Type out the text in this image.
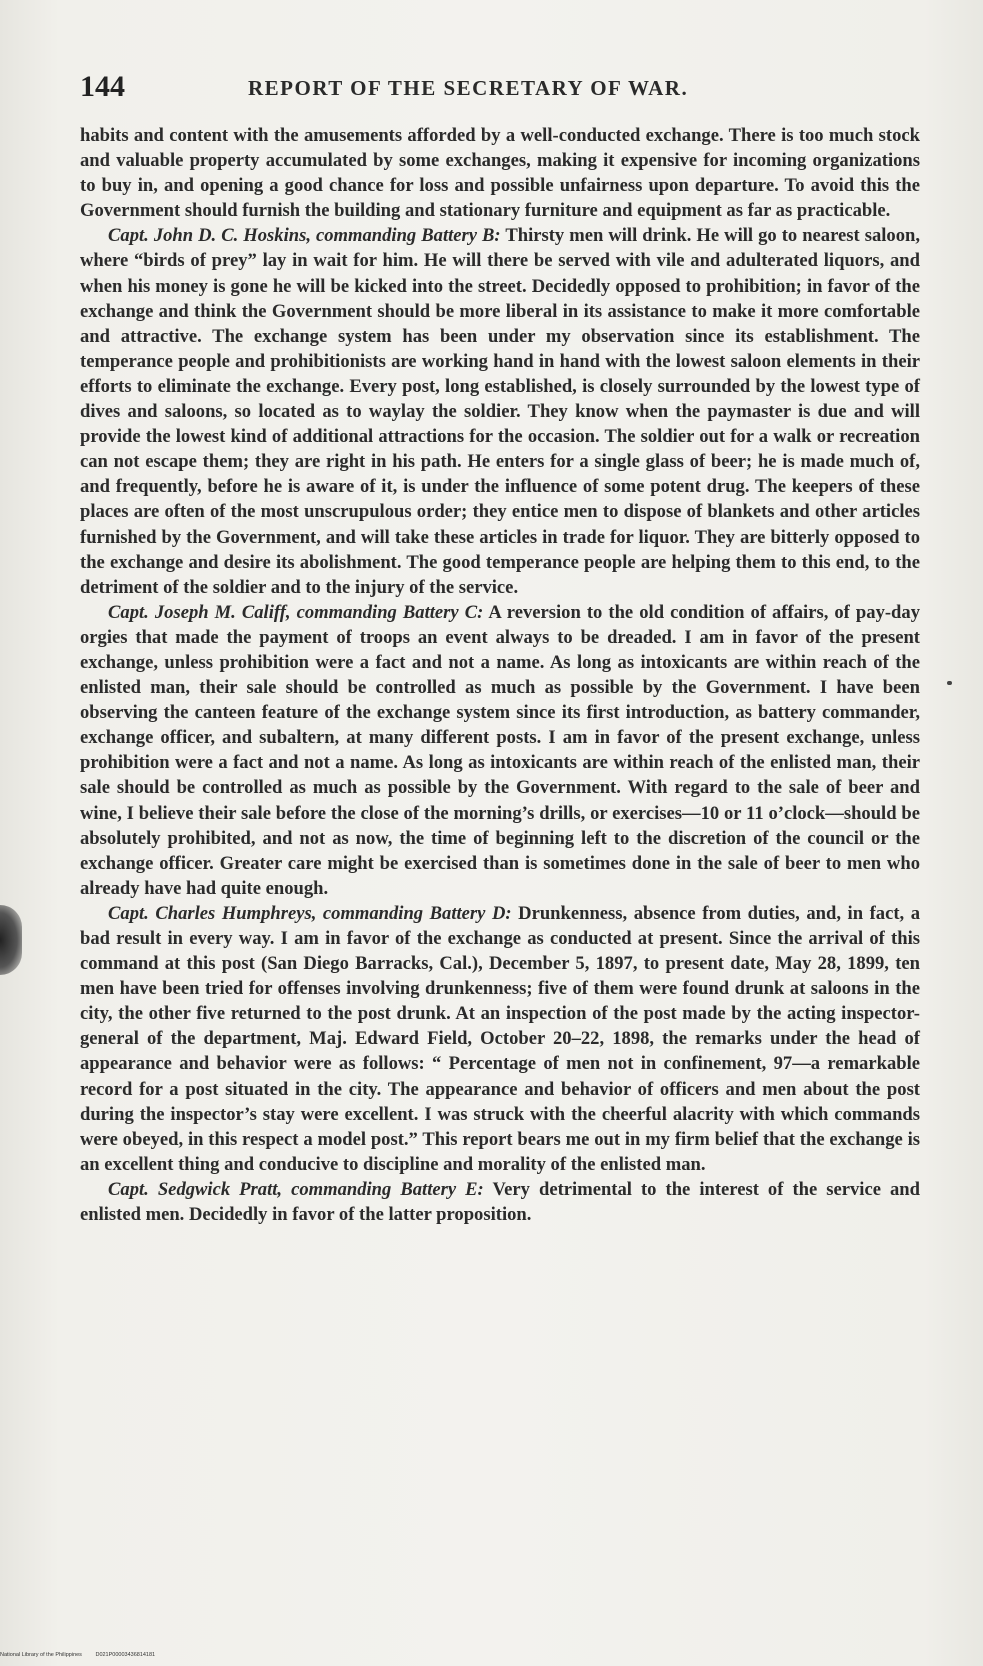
144	REPORT OF THE SECRETARY OF WAR.

habits and content with the amusements afforded by a well-conducted exchange. There is too much stock and valuable property accumulated by some exchanges, making it expensive for incoming organizations to buy in, and opening a good chance for loss and possible unfairness upon departure. To avoid this the Government should furnish the building and stationary furniture and equipment as far as practicable.

Capt. John D. C. Hoskins, commanding Battery B: Thirsty men will drink. He will go to nearest saloon, where “birds of prey” lay in wait for him. He will there be served with vile and adulterated liquors, and when his money is gone he will be kicked into the street. Decidedly opposed to prohibition; in favor of the exchange and think the Government should be more liberal in its assistance to make it more comfortable and attractive. The exchange system has been under my observation since its establishment. The temperance people and prohibitionists are working hand in hand with the lowest saloon elements in their efforts to eliminate the exchange. Every post, long established, is closely surrounded by the lowest type of dives and saloons, so located as to waylay the soldier. They know when the paymaster is due and will provide the lowest kind of additional attractions for the occasion. The soldier out for a walk or recreation can not escape them; they are right in his path. He enters for a single glass of beer; he is made much of, and frequently, before he is aware of it, is under the influence of some potent drug. The keepers of these places are often of the most unscrupulous order; they entice men to dispose of blankets and other articles furnished by the Government, and will take these articles in trade for liquor. They are bitterly opposed to the exchange and desire its abolishment. The good temperance people are helping them to this end, to the detriment of the soldier and to the injury of the service.

Capt. Joseph M. Califf, commanding Battery C: A reversion to the old condition of affairs, of pay-day orgies that made the payment of troops an event always to be dreaded. I am in favor of the present exchange, unless prohibition were a fact and not a name. As long as intoxicants are within reach of the enlisted man, their sale should be controlled as much as possible by the Government. I have been observing the canteen feature of the exchange system since its first introduction, as battery commander, exchange officer, and subaltern, at many different posts. I am in favor of the present exchange, unless prohibition were a fact and not a name. As long as intoxicants are within reach of the enlisted man, their sale should be controlled as much as possible by the Government. With regard to the sale of beer and wine, I believe their sale before the close of the morning’s drills, or exercises—10 or 11 o’clock—should be absolutely prohibited, and not as now, the time of beginning left to the discretion of the council or the exchange officer. Greater care might be exercised than is sometimes done in the sale of beer to men who already have had quite enough.

Capt. Charles Humphreys, commanding Battery D: Drunkenness, absence from duties, and, in fact, a bad result in every way. I am in favor of the exchange as conducted at present. Since the arrival of this command at this post (San Diego Barracks, Cal.), December 5, 1897, to present date, May 28, 1899, ten men have been tried for offenses involving drunkenness; five of them were found drunk at saloons in the city, the other five returned to the post drunk. At an inspection of the post made by the acting inspector-general of the department, Maj. Edward Field, October 20–22, 1898, the remarks under the head of appearance and behavior were as follows: “ Percentage of men not in confinement, 97—a remarkable record for a post situated in the city. The appearance and behavior of officers and men about the post during the inspector’s stay were excellent. I was struck with the cheerful alacrity with which commands were obeyed, in this respect a model post.” This report bears me out in my firm belief that the exchange is an excellent thing and conducive to discipline and morality of the enlisted man.

Capt. Sedgwick Pratt, commanding Battery E: Very detrimental to the interest of the service and enlisted men. Decidedly in favor of the latter proposition.

National Library of the Philippines D021P00003436814181
